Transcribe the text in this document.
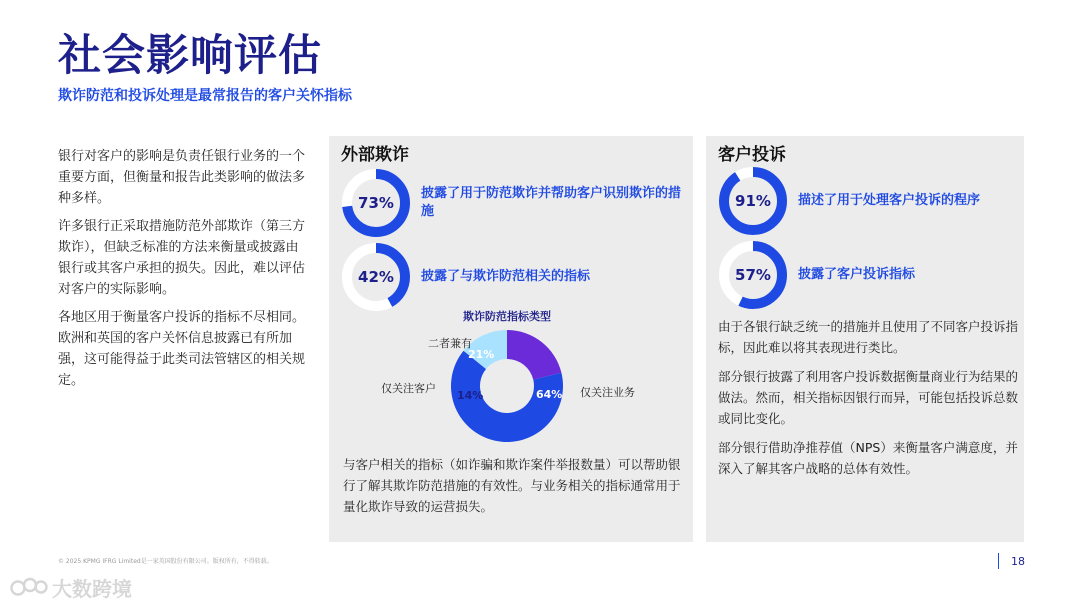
社会影响评估
欺诈防范和投诉处理是最常报告的客户关怀指标

银行对客户的影响是负责任银行业务的一个重要方面，但衡量和报告此类影响的做法多种多样。

许多银行正采取措施防范外部欺诈（第三方欺诈），但缺乏标准的方法来衡量或披露由银行或其客户承担的损失。因此，难以评估对客户的实际影响。

各地区用于衡量客户投诉的指标不尽相同。欧洲和英国的客户关怀信息披露已有所加强，这可能得益于此类司法管辖区的相关规定。

外部欺诈
73%
披露了用于防范欺诈并帮助客户识别欺诈的措施
42%	披露了与欺诈防范相关的指标
欺诈防范指标类型
二者兼有
仅关注客户	仅关注业务
21%
14%	64%
与客户相关的指标（如诈骗和欺诈案件举报数量）可以帮助银行了解其欺诈防范措施的有效性。与业务相关的指标通常用于量化欺诈导致的运营损失。
客户投诉
91%	描述了用于处理客户投诉的程序
57%	披露了客户投诉指标

由于各银行缺乏统一的措施并且使用了不同客户投诉指标，因此难以将其表现进行类比。

部分银行披露了利用客户投诉数据衡量商业行为结果的做法。然而，相关指标因银行而异，可能包括投诉总数或同比变化。

部分银行借助净推荐值（NPS）来衡量客户满意度，并深入了解其客户战略的总体有效性。

© 2025 KPMG IFRG Limited是一家英国股份有限公司。版权所有，不得转载。	18
大数跨境
